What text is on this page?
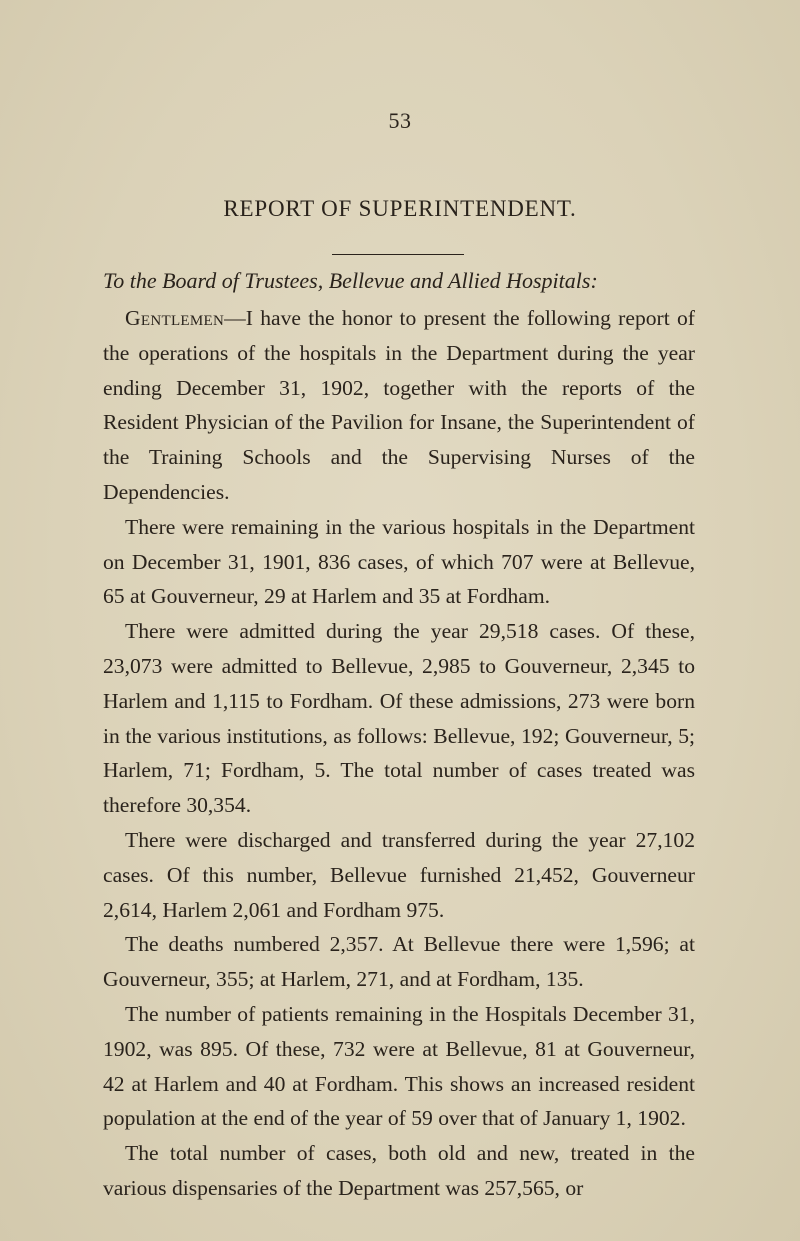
53
REPORT OF SUPERINTENDENT.
To the Board of Trustees, Bellevue and Allied Hospitals:

Gentlemen—I have the honor to present the following report of the operations of the hospitals in the Department during the year ending December 31, 1902, together with the reports of the Resident Physician of the Pavilion for Insane, the Superintendent of the Training Schools and the Supervising Nurses of the Dependencies.

There were remaining in the various hospitals in the Department on December 31, 1901, 836 cases, of which 707 were at Bellevue, 65 at Gouverneur, 29 at Harlem and 35 at Fordham.

There were admitted during the year 29,518 cases. Of these, 23,073 were admitted to Bellevue, 2,985 to Gouverneur, 2,345 to Harlem and 1,115 to Fordham. Of these admissions, 273 were born in the various institutions, as follows: Bellevue, 192; Gouverneur, 5; Harlem, 71; Fordham, 5. The total number of cases treated was therefore 30,354.

There were discharged and transferred during the year 27,102 cases. Of this number, Bellevue furnished 21,452, Gouverneur 2,614, Harlem 2,061 and Fordham 975.

The deaths numbered 2,357. At Bellevue there were 1,596; at Gouverneur, 355; at Harlem, 271, and at Fordham, 135.

The number of patients remaining in the Hospitals December 31, 1902, was 895. Of these, 732 were at Bellevue, 81 at Gouverneur, 42 at Harlem and 40 at Fordham. This shows an increased resident population at the end of the year of 59 over that of January 1, 1902.

The total number of cases, both old and new, treated in the various dispensaries of the Department was 257,565, or
